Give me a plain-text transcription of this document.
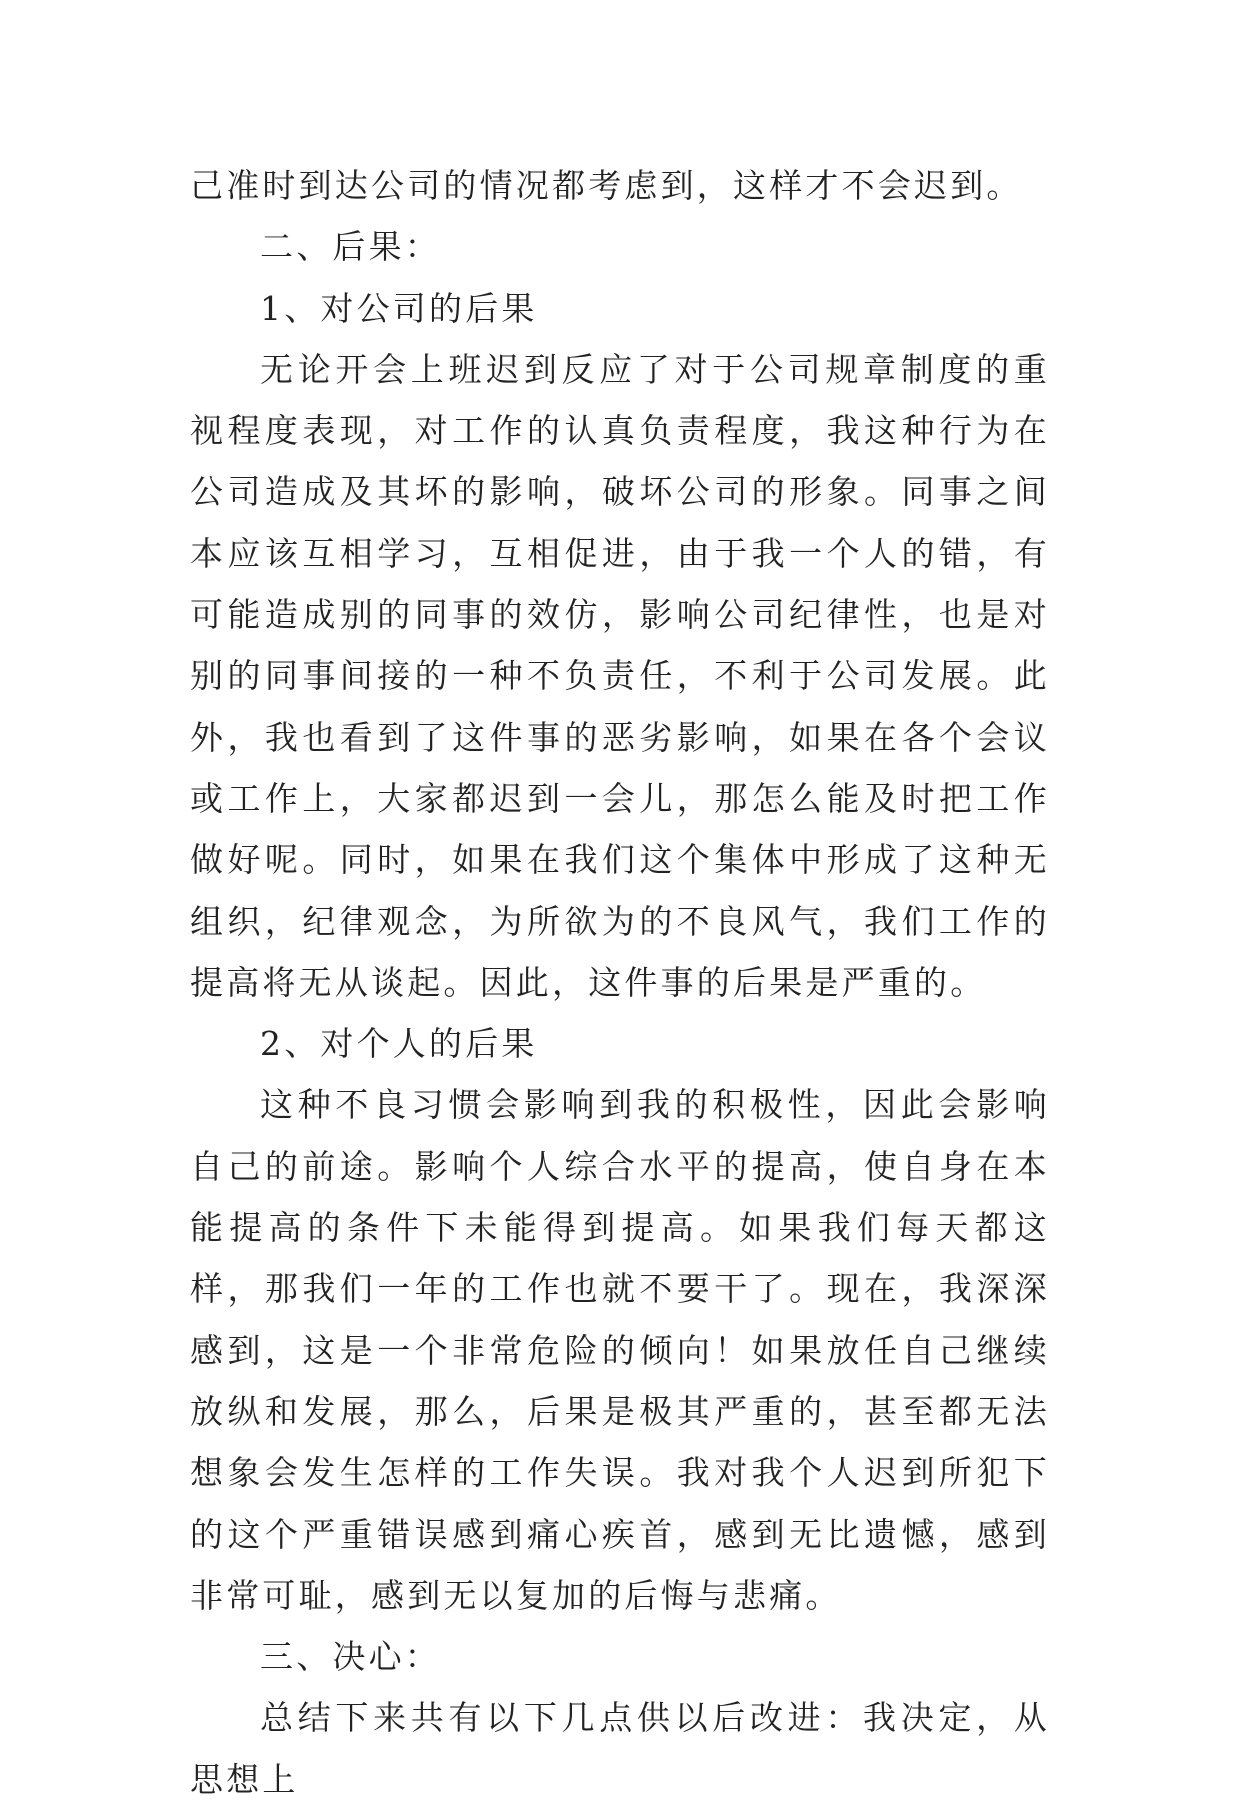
己准时到达公司的情况都考虑到，这样才不会迟到。

二、后果：

1、对公司的后果

无论开会上班迟到反应了对于公司规章制度的重视程度表现，对工作的认真负责程度，我这种行为在公司造成及其坏的影响，破坏公司的形象。同事之间本应该互相学习，互相促进，由于我一个人的错，有可能造成别的同事的效仿，影响公司纪律性，也是对别的同事间接的一种不负责任，不利于公司发展。此外，我也看到了这件事的恶劣影响，如果在各个会议或工作上，大家都迟到一会儿，那怎么能及时把工作做好呢。同时，如果在我们这个集体中形成了这种无组织，纪律观念，为所欲为的不良风气，我们工作的提高将无从谈起。因此，这件事的后果是严重的。

2、对个人的后果

这种不良习惯会影响到我的积极性，因此会影响自己的前途。影响个人综合水平的提高，使自身在本能提高的条件下未能得到提高。如果我们每天都这样，那我们一年的工作也就不要干了。现在，我深深感到，这是一个非常危险的倾向！如果放任自己继续放纵和发展，那么，后果是极其严重的，甚至都无法想象会发生怎样的工作失误。我对我个人迟到所犯下的这个严重错误感到痛心疾首，感到无比遗憾，感到非常可耻，感到无以复加的后悔与悲痛。

三、决心：

总结下来共有以下几点供以后改进：我决定，从思想上
